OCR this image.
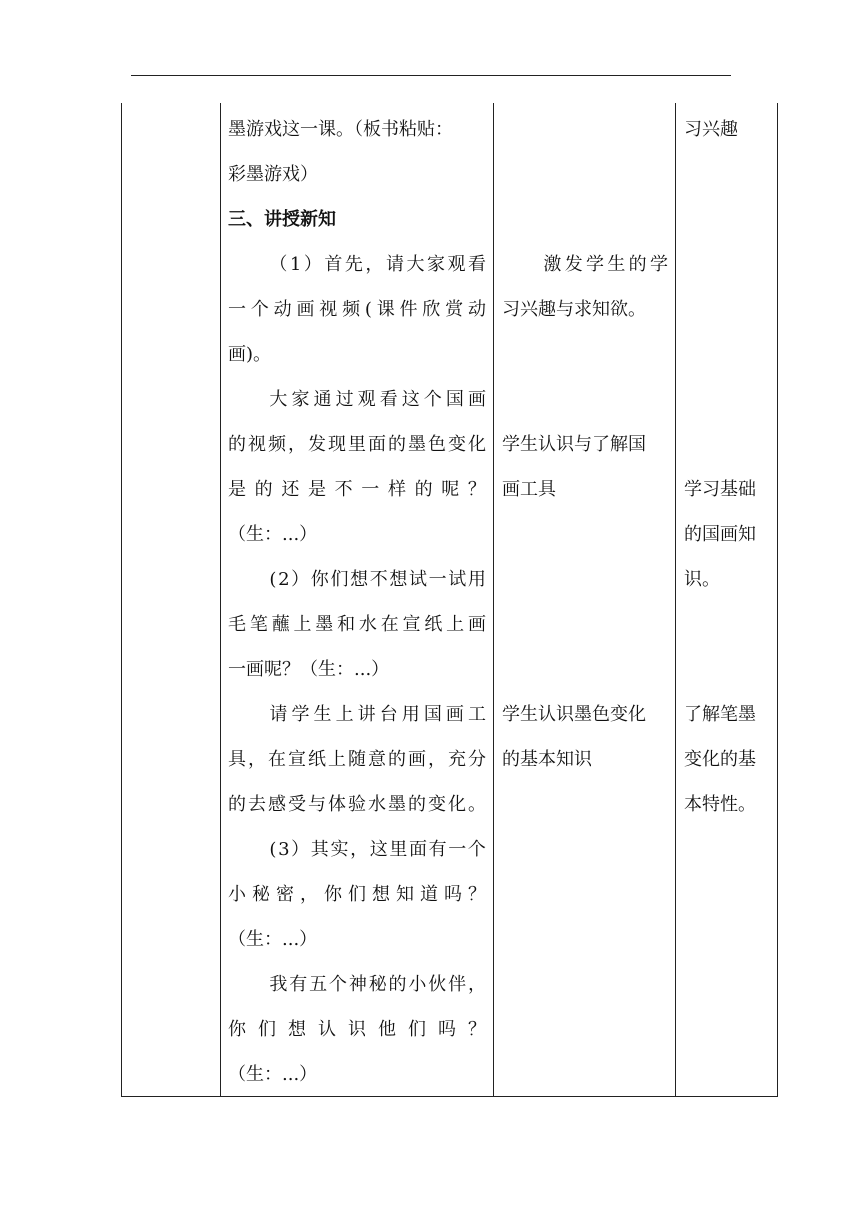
墨游戏这一课。（板书粘贴：
彩墨游戏）
三、讲授新知
（ 1 ） 首 先 ， 请 大 家 观 看
一 个 动 画 视 频 ( 课 件 欣 赏 动
画)。
大 家 通 过 观 看 这 个 国 画
的 视 频 ， 发 现 里 面 的 墨 色 变 化
是 的 还 是 不 一 样 的 呢 ？
（生：...）
( 2 ） 你 们 想 不 想 试 一 试 用
毛 笔 蘸 上 墨 和 水 在 宣 纸 上 画
一画呢？（生：...）
请 学 生 上 讲 台 用 国 画 工
具 ， 在 宣 纸 上 随 意 的 画 ， 充 分
的 去 感 受 与 体 验 水 墨 的 变 化 。
( 3 ） 其 实 ， 这 里 面 有 一 个
小 秘 密 ， 你 们 想 知 道 吗 ？
（生：...）
我 有 五 个 神 秘 的 小 伙 伴 ，
你 们 想 认 识 他 们 吗 ？
（生：...）
激 发 学 生 的 学
习兴趣与求知欲。
学生认识与了解国
画工具
学生认识墨色变化
的基本知识
习兴趣
学习基础
的国画知
识。
了解笔墨
变化的基
本特性。
